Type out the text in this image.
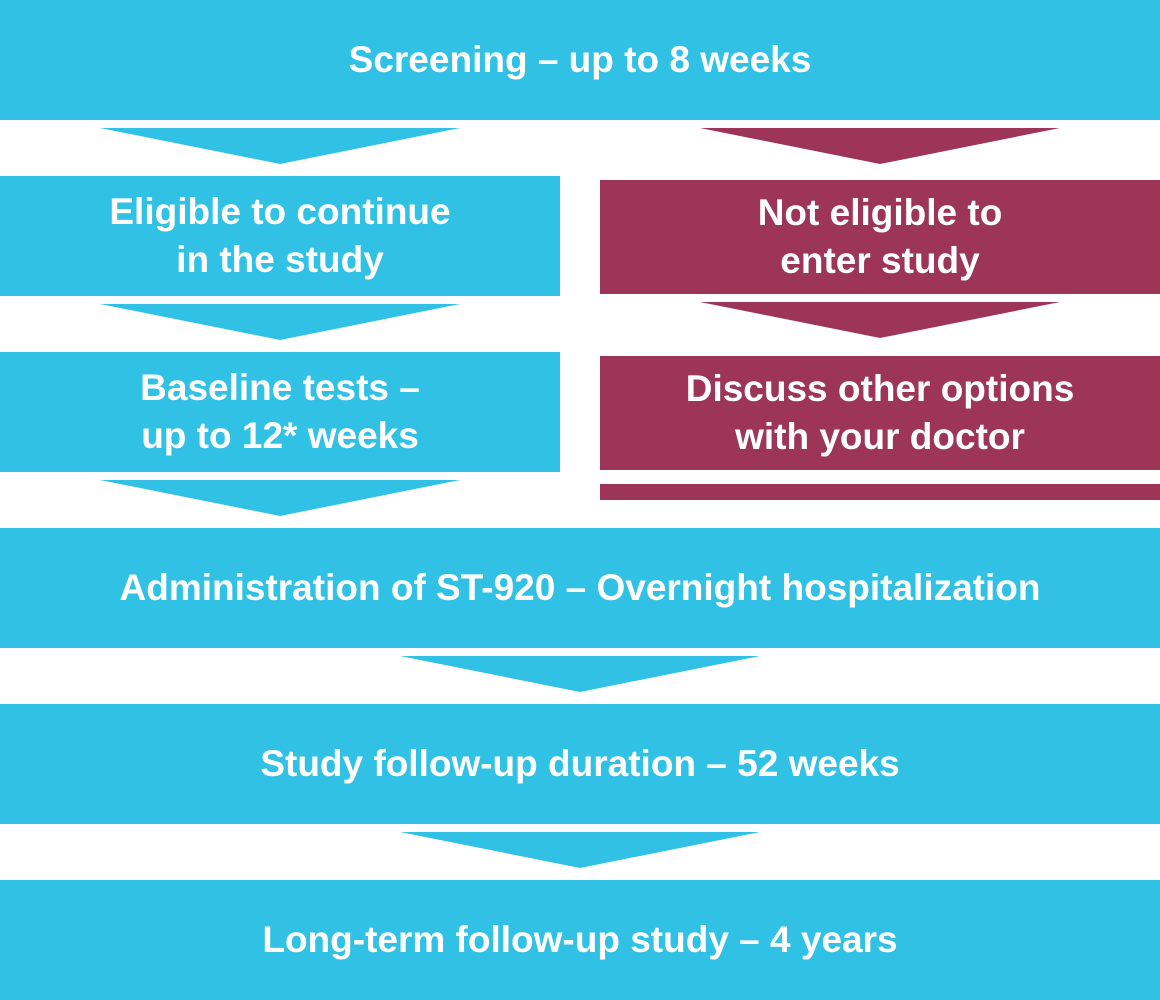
Screening – up to 8 weeks
Eligible to continue
in the study
Not eligible to
enter study
Baseline tests –
up to 12* weeks
Discuss other options
with your doctor
Administration of ST-920 – Overnight hospitalization
Study follow-up duration – 52 weeks
Long-term follow-up study – 4 years
